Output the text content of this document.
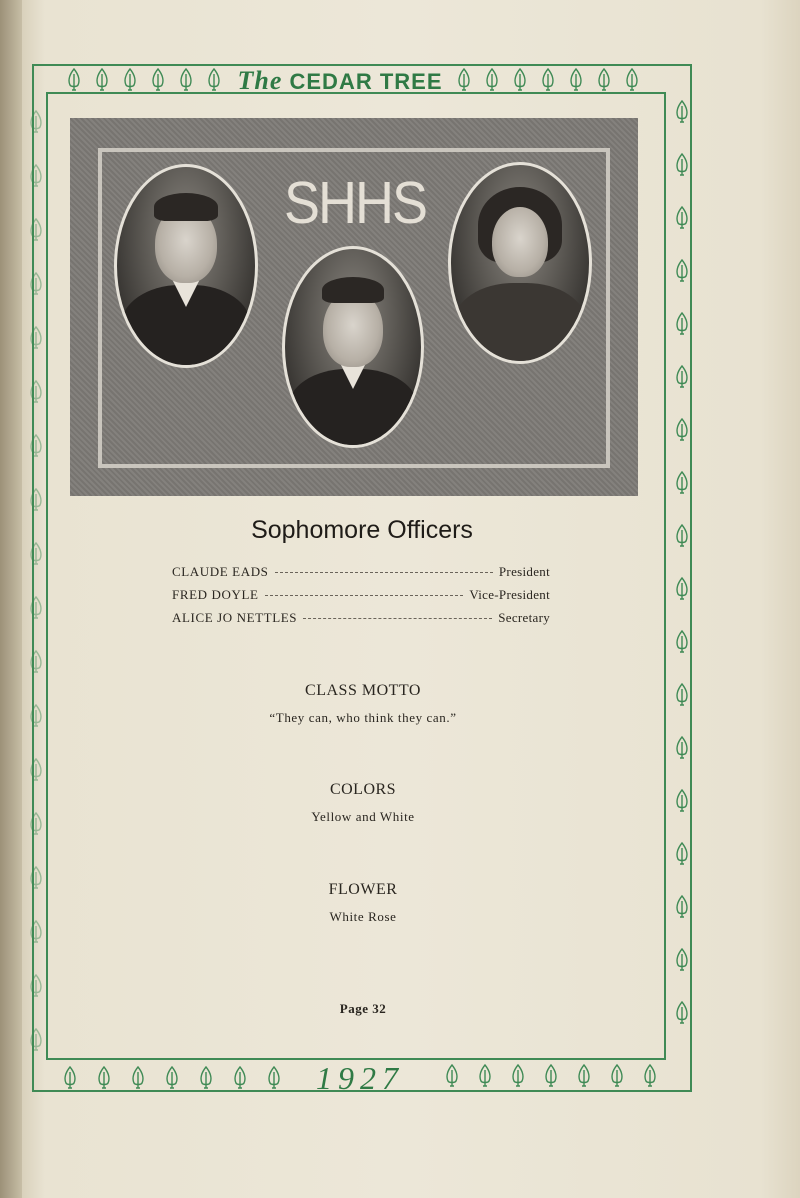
The CEDAR TREE
SHHS
Sophomore Officers
CLAUDE EADS	President
FRED DOYLE	Vice-President
ALICE JO NETTLES	Secretary
CLASS MOTTO
“They can, who think they can.”
COLORS
Yellow and White
FLOWER
White Rose
Page 32
1927
